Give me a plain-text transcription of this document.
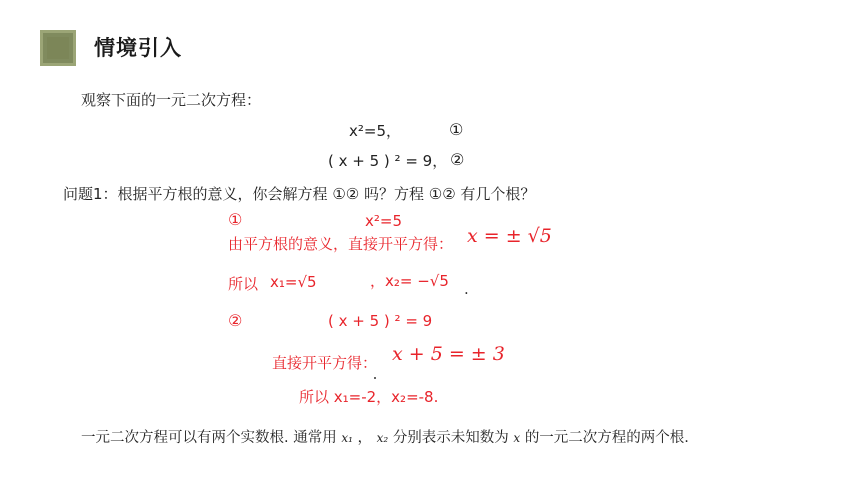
情境引入
观察下面的一元二次方程：
x²=5，	①
( x + 5 ) ² = 9， ②
问题1：根据平方根的意义，你会解方程 ①② 吗？方程 ①② 有几个根？
①	x²=5
由平方根的意义，直接开平方得： x = ± √5
所以 x₁=√5	，x₂= −√5 .
②	( x + 5 ) ² = 9
直接开平方得： x + 5 = ± 3
所以 x₁=-2，x₂=-8.
一元二次方程可以有两个实数根. 通常用 x₁ ， x₂ 分别表示未知数为 x 的一元二次方程的两个根.
